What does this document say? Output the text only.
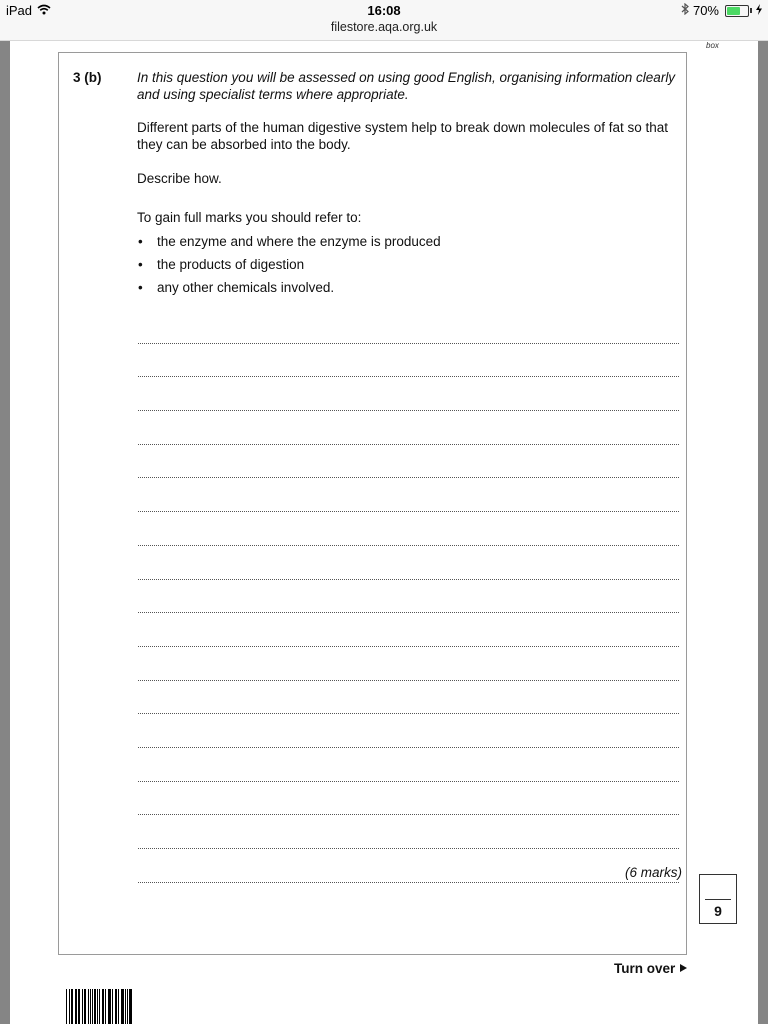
iPad	16:08	70%
filestore.aqa.org.uk
box
3 (b)	In this question you will be assessed on using good English, organising information clearly and using specialist terms where appropriate.

Different parts of the human digestive system help to break down molecules of fat so that they can be absorbed into the body.

Describe how.

To gain full marks you should refer to:

• the enzyme and where the enzyme is produced
• the products of digestion
• any other chemicals involved.
(6 marks)
9
Turn over
